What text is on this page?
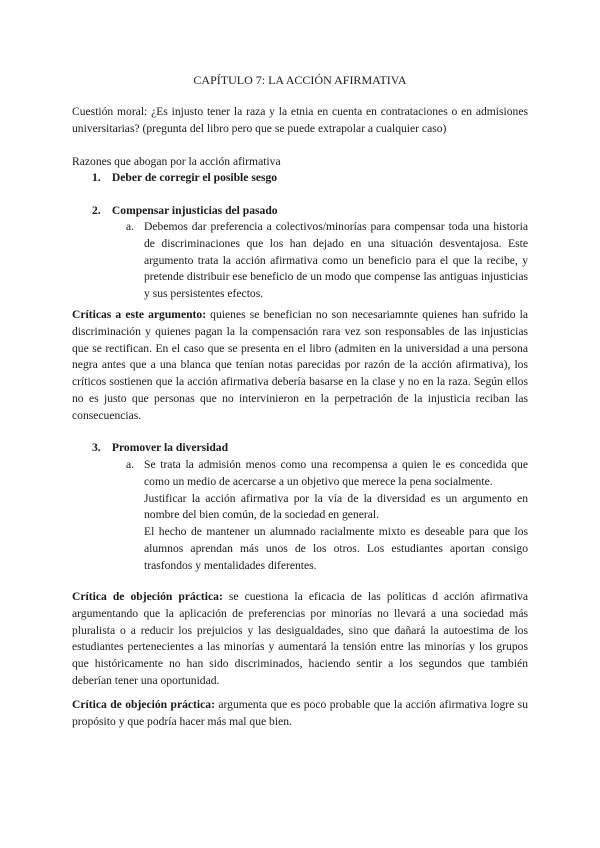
CAPÍTULO 7: LA ACCIÓN AFIRMATIVA
Cuestión moral: ¿Es injusto tener la raza y la etnia en cuenta en contrataciones o en admisiones universitarias? (pregunta del libro pero que se puede extrapolar a cualquier caso)
Razones que abogan por la acción afirmativa
1. Deber de corregir el posible sesgo
2. Compensar injusticias del pasado
a. Debemos dar preferencia a colectivos/minorías para compensar toda una historia de discriminaciones que los han dejado en una situación desventajosa. Este argumento trata la acción afirmativa como un beneficio para el que la recibe, y pretende distribuir ese beneficio de un modo que compense las antiguas injusticias y sus persistentes efectos.
Críticas a este argumento: quienes se benefician no son necesariamnte quienes han sufrido la discriminación y quienes pagan la la compensación rara vez son responsables de las injusticias que se rectifican. En el caso que se presenta en el libro (admiten en la universidad a una persona negra antes que a una blanca que tenían notas parecidas por razón de la acción afirmativa), los críticos sostienen que la acción afirmativa debería basarse en la clase y no en la raza. Según ellos no es justo que personas que no intervinieron en la perpetración de la injusticia reciban las consecuencias.
3. Promover la diversidad
a. Se trata la admisión menos como una recompensa a quien le es concedida que como un medio de acercarse a un objetivo que merece la pena socialmente.

Justificar la acción afirmativa por la vía de la diversidad es un argumento en nombre del bien común, de la sociedad en general.

El hecho de mantener un alumnado racialmente mixto es deseable para que los alumnos aprendan más unos de los otros. Los estudiantes aportan consigo trasfondos y mentalidades diferentes.

Crítica de objeción práctica: se cuestiona la eficacia de las políticas d acción afirmativa argumentando que la aplicación de preferencias por minorías no llevará a una sociedad más pluralista o a reducir los prejuicios y las desigualdades, sino que dañará la autoestima de los estudiantes pertenecientes a las minorías y aumentará la tensión entre las minorías y los grupos que históricamente no han sido discriminados, haciendo sentir a los segundos que también deberían tener una oportunidad.
Crítica de objeción práctica: argumenta que es poco probable que la acción afirmativa logre su propósito y que podría hacer más mal que bien.
